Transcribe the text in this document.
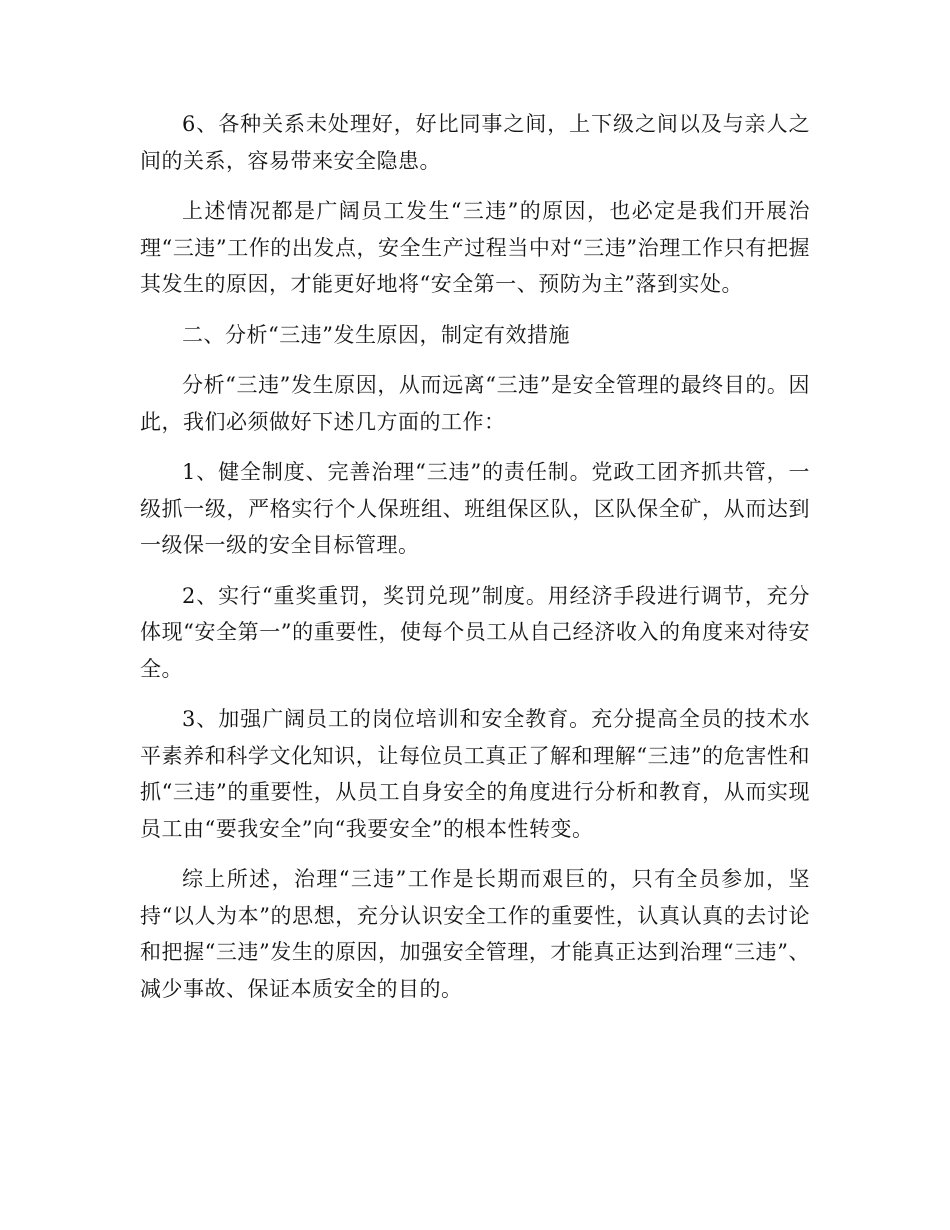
6、各种关系未处理好，好比同事之间，上下级之间以及与亲人之间的关系，容易带来安全隐患。

上述情况都是广阔员工发生“三违”的原因，也必定是我们开展治理“三违”工作的出发点，安全生产过程当中对“三违”治理工作只有把握其发生的原因，才能更好地将“安全第一、预防为主”落到实处。

二、分析“三违”发生原因，制定有效措施

分析“三违”发生原因，从而远离“三违”是安全管理的最终目的。因此，我们必须做好下述几方面的工作：

1、健全制度、完善治理“三违”的责任制。党政工团齐抓共管，一级抓一级，严格实行个人保班组、班组保区队，区队保全矿，从而达到一级保一级的安全目标管理。

2、实行“重奖重罚，奖罚兑现”制度。用经济手段进行调节，充分体现“安全第一”的重要性，使每个员工从自己经济收入的角度来对待安全。

3、加强广阔员工的岗位培训和安全教育。充分提高全员的技术水平素养和科学文化知识，让每位员工真正了解和理解“三违”的危害性和抓“三违”的重要性，从员工自身安全的角度进行分析和教育，从而实现员工由“要我安全”向“我要安全”的根本性转变。

综上所述，治理“三违”工作是长期而艰巨的，只有全员参加，坚持“以人为本”的思想，充分认识安全工作的重要性，认真认真的去讨论和把握“三违”发生的原因，加强安全管理，才能真正达到治理“三违”、减少事故、保证本质安全的目的。
